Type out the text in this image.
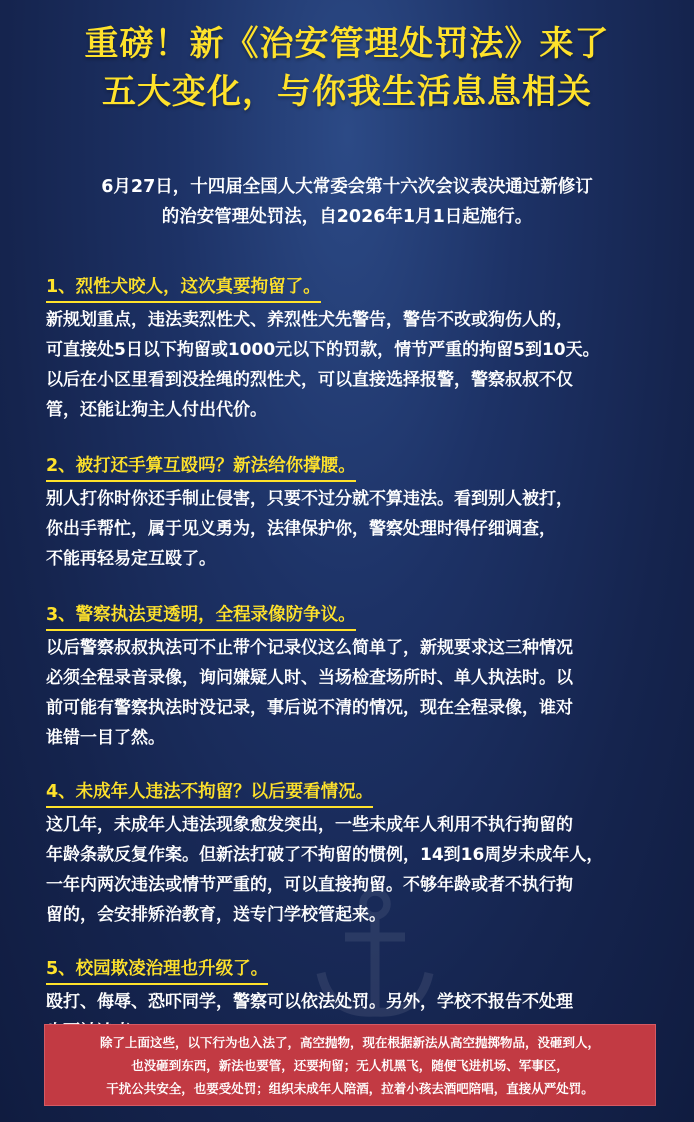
重磅！新《治安管理处罚法》来了
五大变化，与你我生活息息相关
6月27日，十四届全国人大常委会第十六次会议表决通过新修订
的治安管理处罚法，自2026年1月1日起施行。
1、烈性犬咬人，这次真要拘留了。
新规划重点，违法卖烈性犬、养烈性犬先警告，警告不改或狗伤人的，
可直接处5日以下拘留或1000元以下的罚款，情节严重的拘留5到10天。
以后在小区里看到没拴绳的烈性犬，可以直接选择报警，警察叔叔不仅
管，还能让狗主人付出代价。
2、被打还手算互殴吗？新法给你撑腰。
别人打你时你还手制止侵害，只要不过分就不算违法。看到别人被打，
你出手帮忙，属于见义勇为，法律保护你，警察处理时得仔细调查，
不能再轻易定互殴了。
3、警察执法更透明，全程录像防争议。
以后警察叔叔执法可不止带个记录仪这么简单了，新规要求这三种情况
必须全程录音录像，询问嫌疑人时、当场检查场所时、单人执法时。以
前可能有警察执法时没记录，事后说不清的情况，现在全程录像，谁对
谁错一目了然。
4、未成年人违法不拘留？以后要看情况。
这几年，未成年人违法现象愈发突出，一些未成年人利用不执行拘留的
年龄条款反复作案。但新法打破了不拘留的惯例，14到16周岁未成年人，
一年内两次违法或情节严重的，可以直接拘留。不够年龄或者不执行拘
留的，会安排矫治教育，送专门学校管起来。
5、校园欺凌治理也升级了。
殴打、侮辱、恐吓同学，警察可以依法处罚。另外，学校不报告不处理
除了上面这些，以下行为也入法了，高空抛物，现在根据新法从高空抛掷物品，没砸到人，
也没砸到东西，新法也要管，还要拘留；无人机黑飞，随便飞进机场、军事区，
干扰公共安全，也要受处罚；组织未成年人陪酒，拉着小孩去酒吧陪唱，直接从严处罚。
